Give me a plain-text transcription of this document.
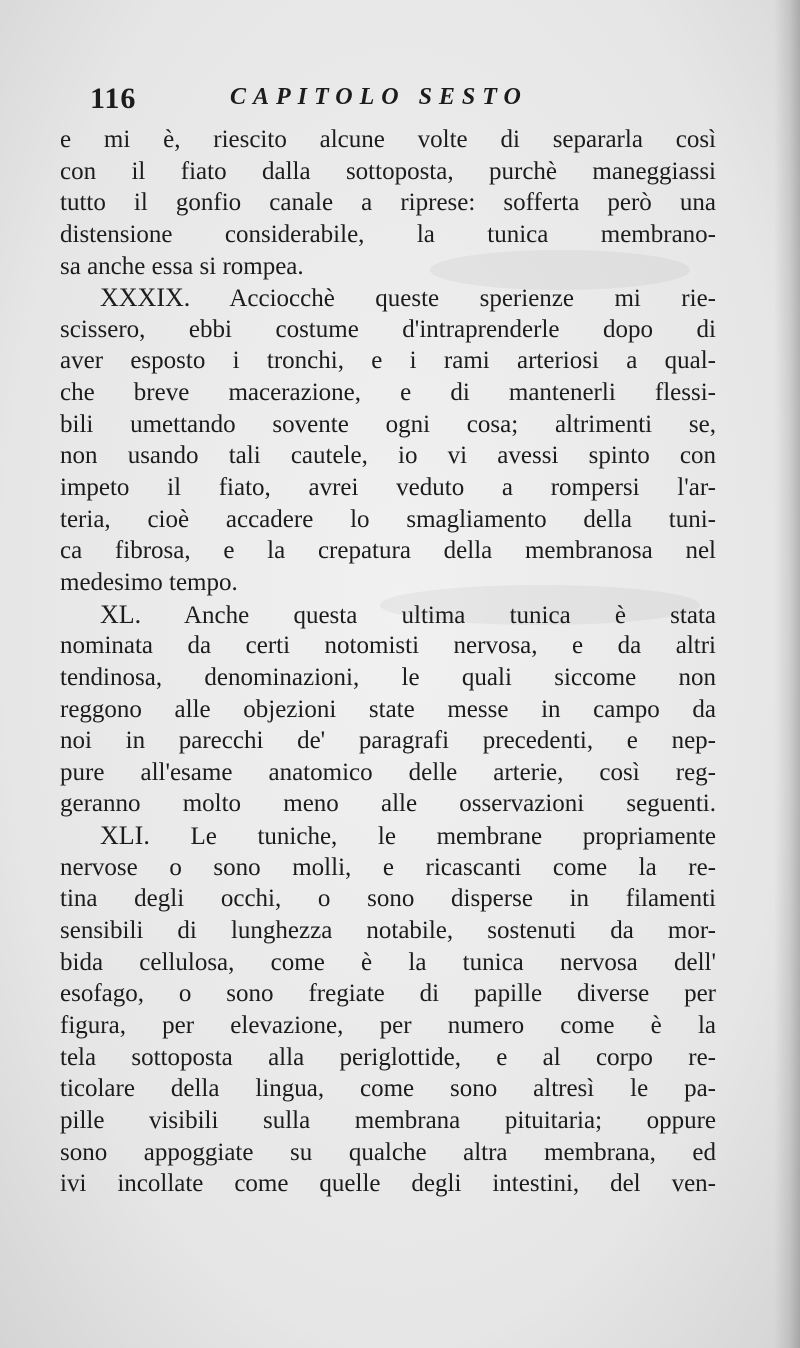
116	CAPITOLO SESTO
e mi è, riescito alcune volte di separarla così
con il fiato dalla sottoposta, purchè maneggiassi
tutto il gonfio canale a riprese: sofferta però una
distensione considerabile, la tunica membrano-
sa anche essa si rompea.
XXXIX. Acciocchè queste sperienze mi rie-
scissero, ebbi costume d'intraprenderle dopo di
aver esposto i tronchi, e i rami arteriosi a qual-
che breve macerazione, e di mantenerli flessi-
bili umettando sovente ogni cosa; altrimenti se,
non usando tali cautele, io vi avessi spinto con
impeto il fiato, avrei veduto a rompersi l'ar-
teria, cioè accadere lo smagliamento della tuni-
ca fibrosa, e la crepatura della membranosa nel
medesimo tempo.
XL. Anche questa ultima tunica è stata
nominata da certi notomisti nervosa, e da altri
tendinosa, denominazioni, le quali siccome non
reggono alle objezioni state messe in campo da
noi in parecchi de' paragrafi precedenti, e nep-
pure all'esame anatomico delle arterie, così reg-
geranno molto meno alle osservazioni seguenti.
XLI. Le tuniche, le membrane propriamente
nervose o sono molli, e ricascanti come la re-
tina degli occhi, o sono disperse in filamenti
sensibili di lunghezza notabile, sostenuti da mor-
bida cellulosa, come è la tunica nervosa dell'
esofago, o sono fregiate di papille diverse per
figura, per elevazione, per numero come è la
tela sottoposta alla periglottide, e al corpo re-
ticolare della lingua, come sono altresì le pa-
pille visibili sulla membrana pituitaria; oppure
sono appoggiate su qualche altra membrana, ed
ivi incollate come quelle degli intestini, del ven-
